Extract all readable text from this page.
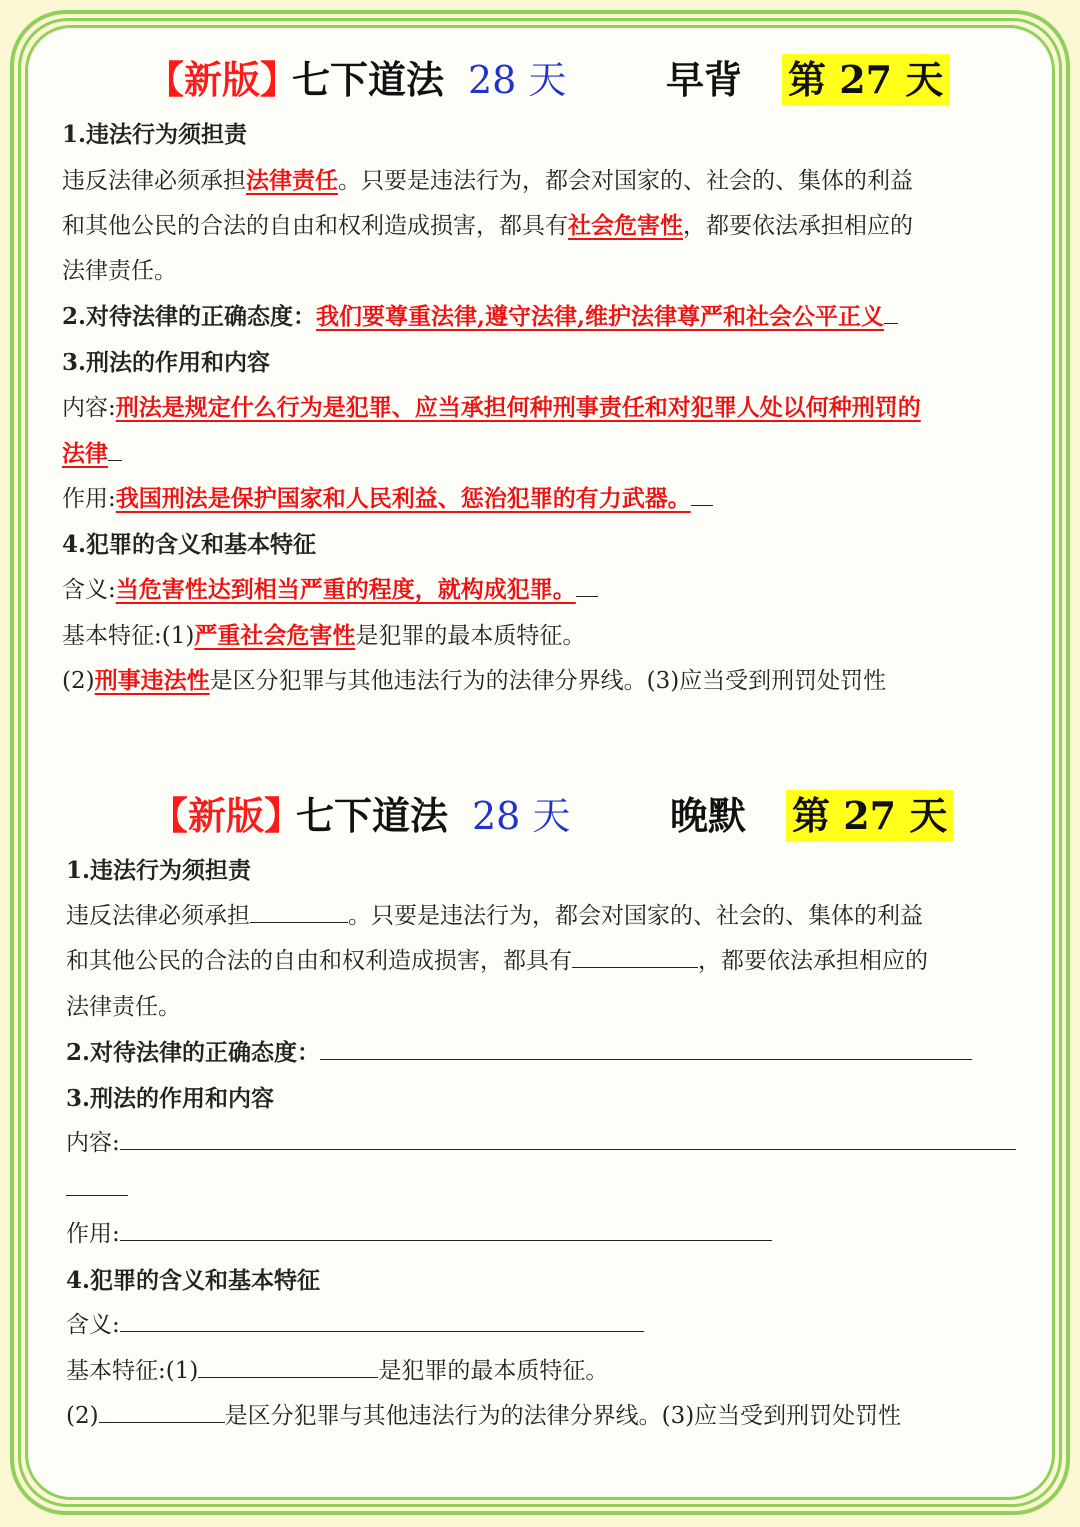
【新版】
七下道法 28 天	早背 第 27 天
1.违法行为须担责
违反法律必须承担法律责任。只要是违法行为，都会对国家的、社会的、集体的利益
和其他公民的合法的自由和权利造成损害，都具有社会危害性，都要依法承担相应的
法律责任。
2.对待法律的正确态度：我们要尊重法律,遵守法律,维护法律尊严和社会公平正义
3.刑法的作用和内容
内容:刑法是规定什么行为是犯罪、应当承担何种刑事责任和对犯罪人处以何种刑罚的
法律
作用:我国刑法是保护国家和人民利益、惩治犯罪的有力武器。
4.犯罪的含义和基本特征
含义:当危害性达到相当严重的程度，就构成犯罪。
基本特征:(1)严重社会危害性是犯罪的最本质特征。
(2)刑事违法性是区分犯罪与其他违法行为的法律分界线。(3)应当受到刑罚处罚性
【新版】
七下道法 28 天	晚默 第 27 天
1.违法行为须担责
违反法律必须承担	。只要是违法行为，都会对国家的、社会的、集体的利益
和其他公民的合法的自由和权利造成损害，都具有	，都要依法承担相应的
法律责任。
2.对待法律的正确态度：
3.刑法的作用和内容
内容:
作用:
4.犯罪的含义和基本特征
含义:
基本特征:(1)	是犯罪的最本质特征。
(2)	是区分犯罪与其他违法行为的法律分界线。(3)应当受到刑罚处罚性
